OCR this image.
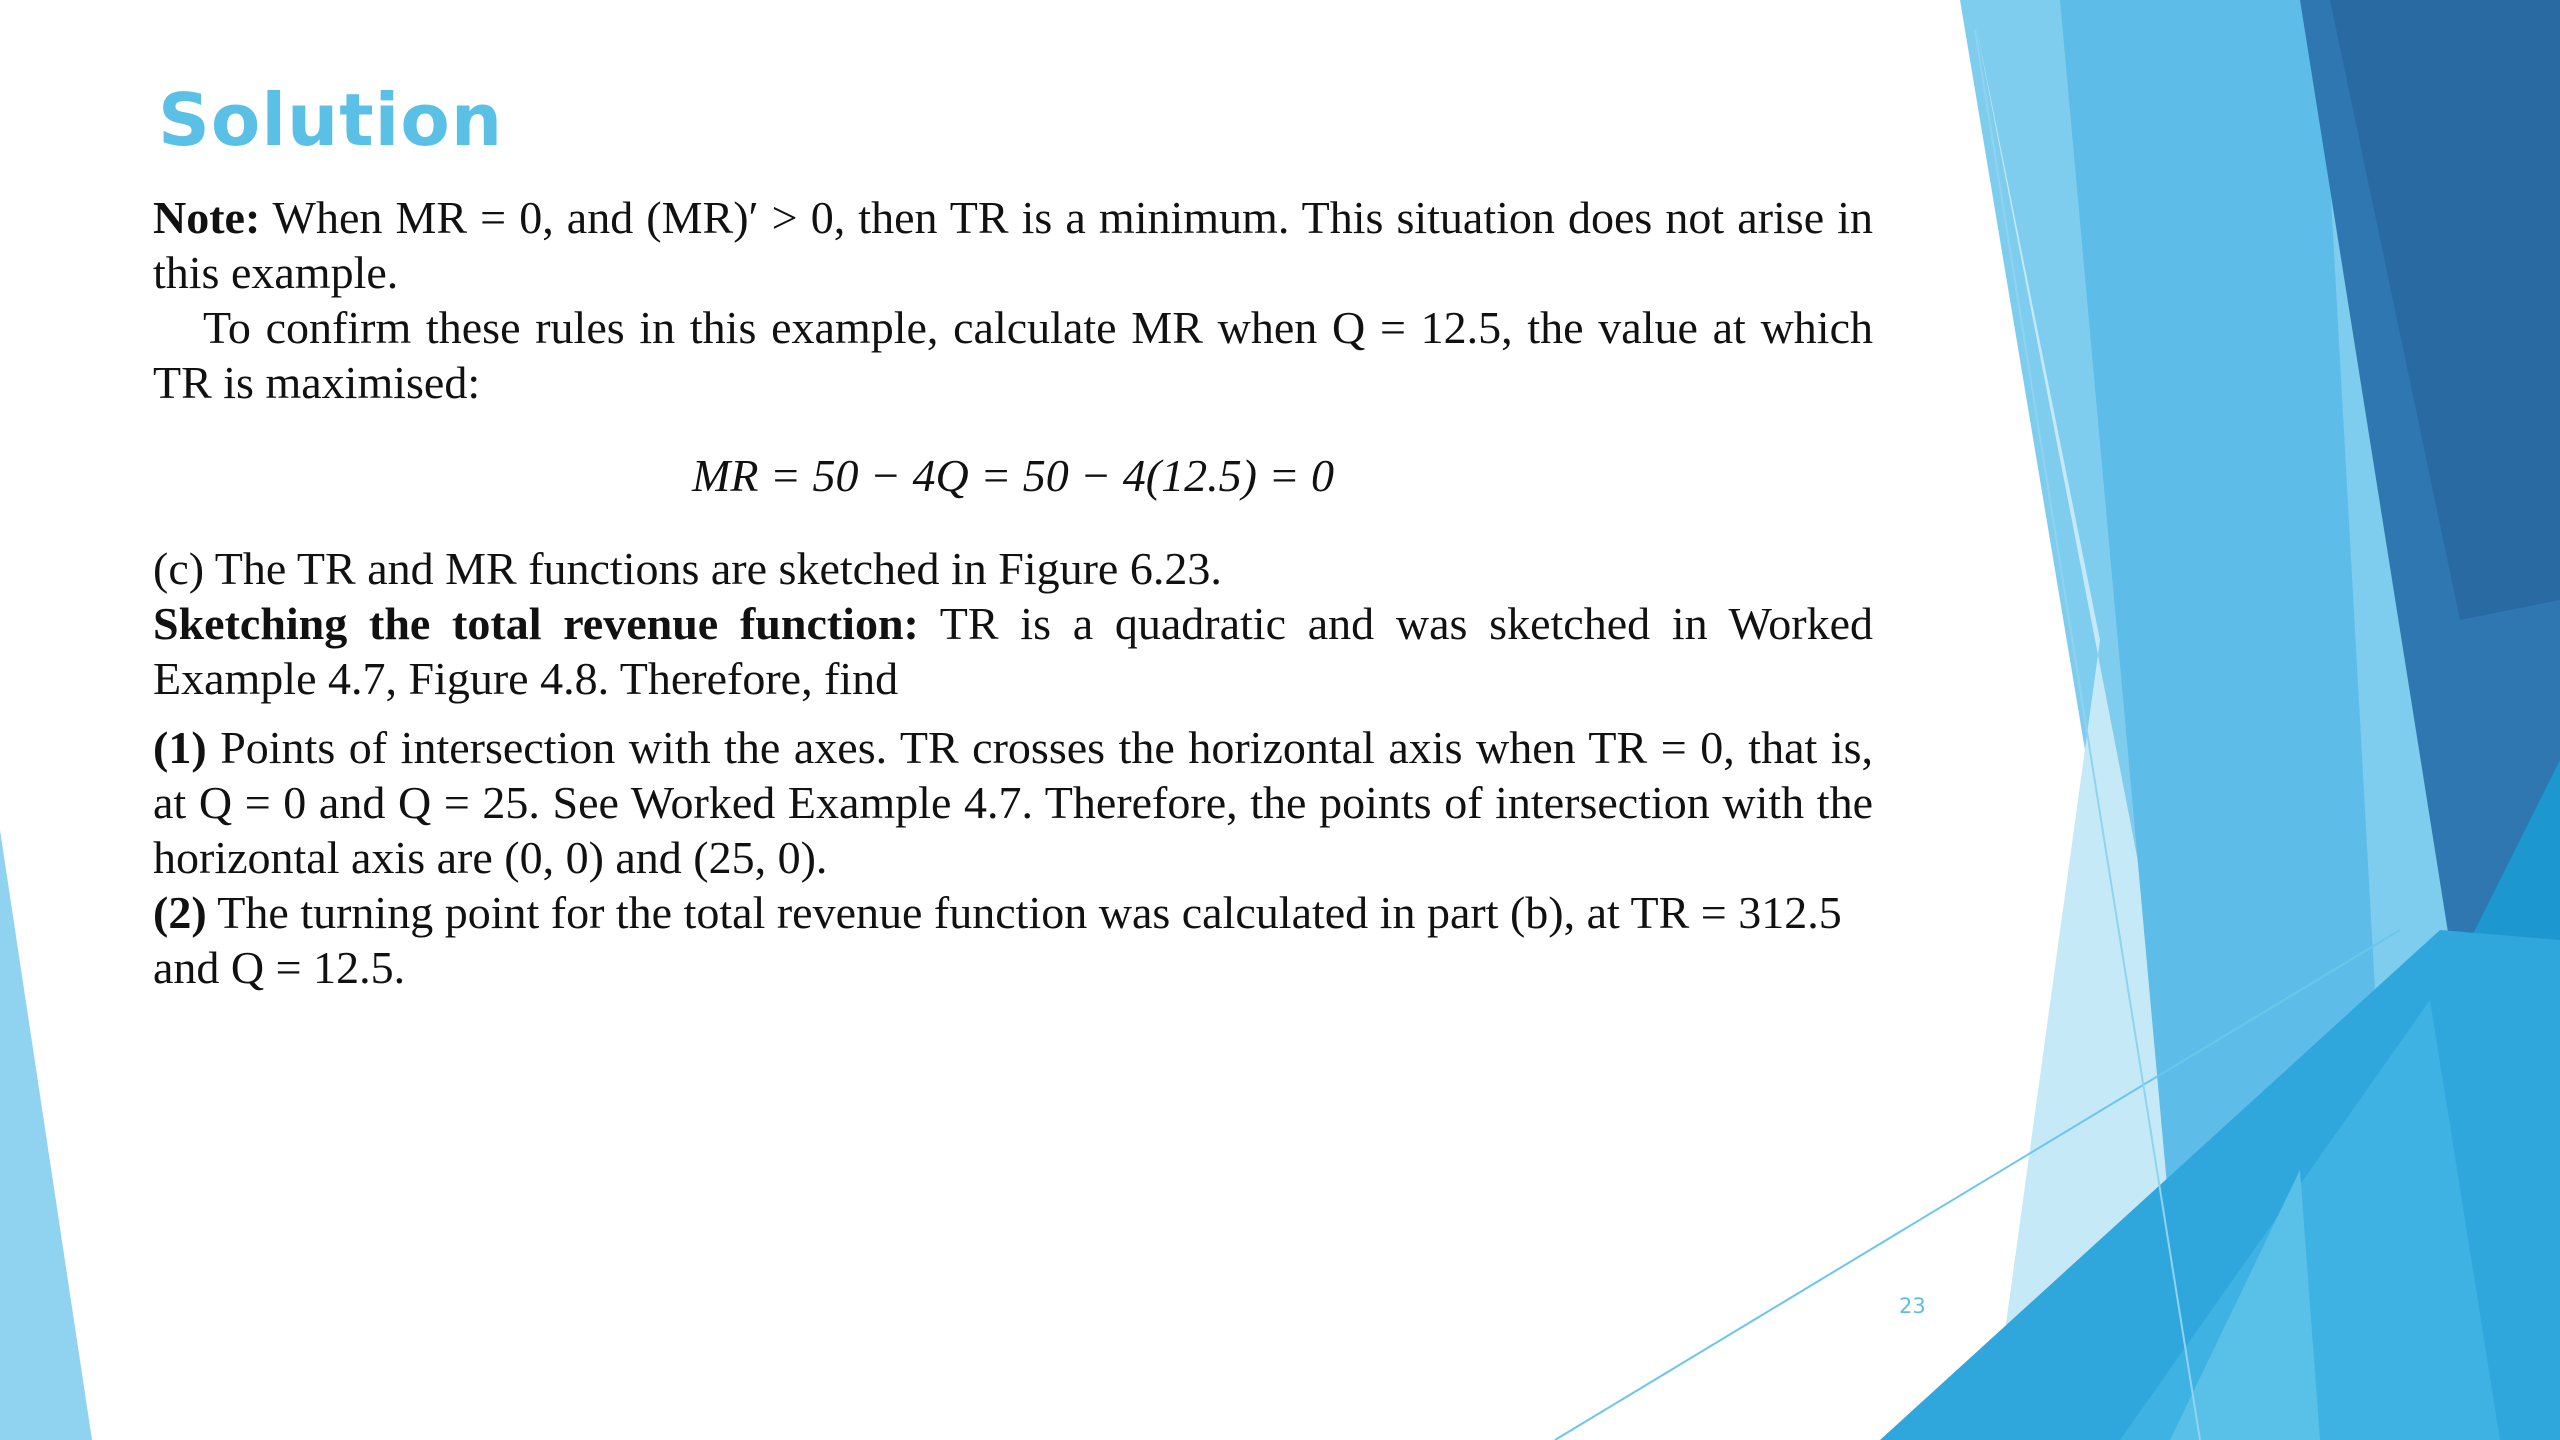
Solution

Note: When MR = 0, and (MR)′ > 0, then TR is a minimum. This situation does not arise in this example.

To confirm these rules in this example, calculate MR when Q = 12.5, the value at which TR is maximised:

MR = 50 − 4Q = 50 − 4(12.5) = 0

(c) The TR and MR functions are sketched in Figure 6.23.

Sketching the total revenue function: TR is a quadratic and was sketched in Worked Example 4.7, Figure 4.8. Therefore, find

(1) Points of intersection with the axes. TR crosses the horizontal axis when TR = 0, that is, at Q = 0 and Q = 25. See Worked Example 4.7. Therefore, the points of intersection with the horizontal axis are (0, 0) and (25, 0).

(2) The turning point for the total revenue function was calculated in part (b), at TR = 312.5 and Q = 12.5.

23
